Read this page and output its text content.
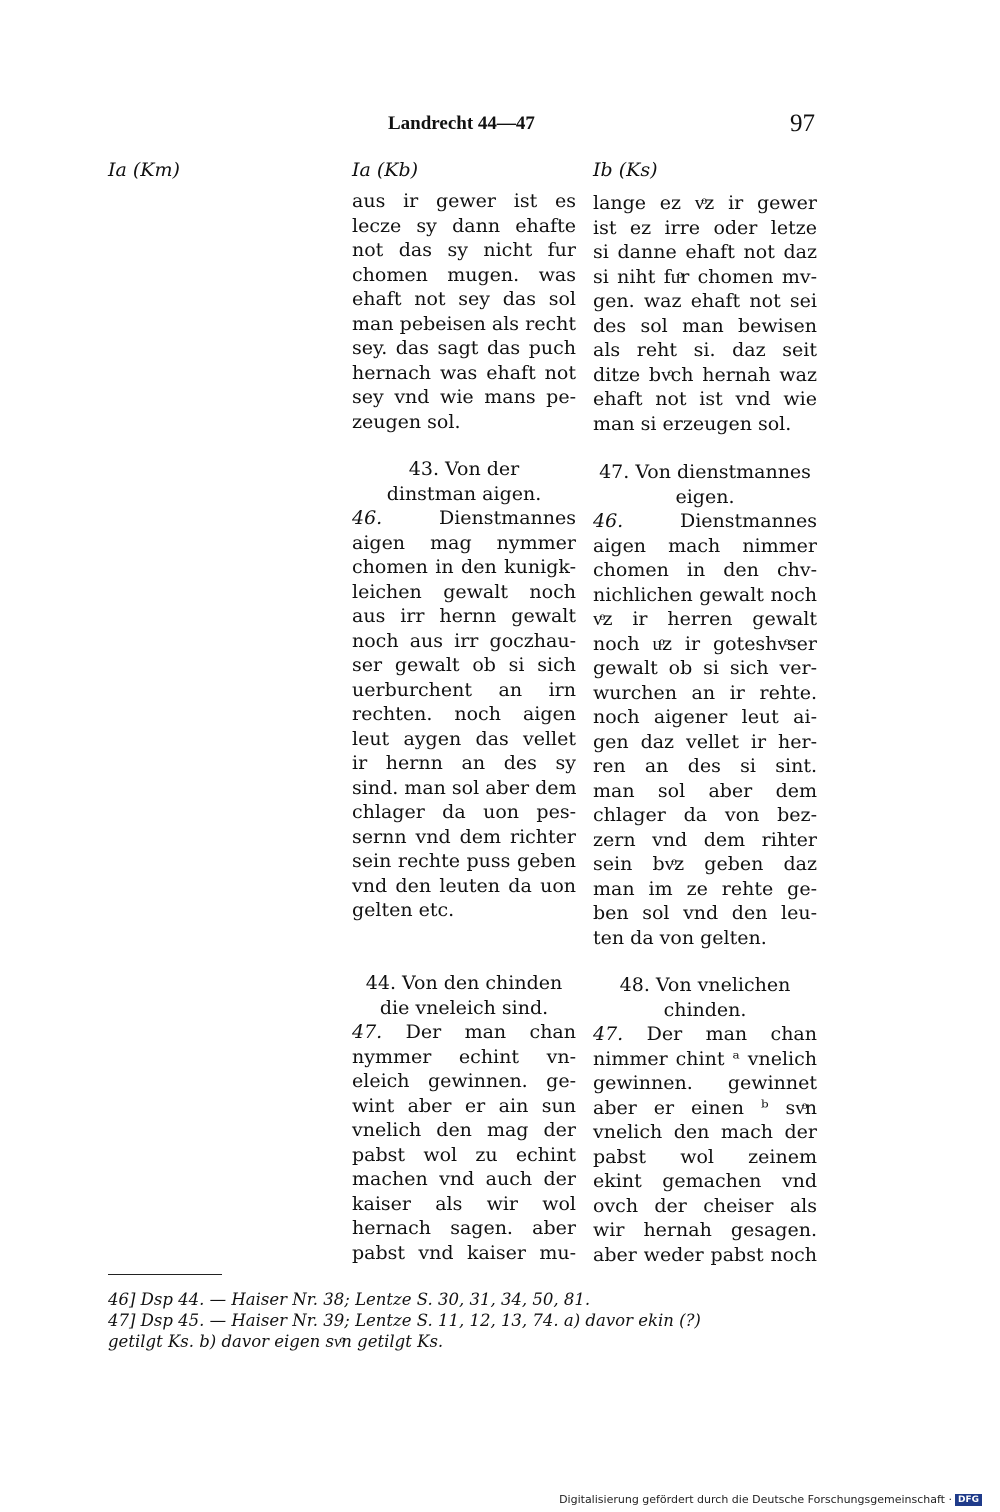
Landrecht 44—47	97
Ia (Km)	Ia (Kb)	Ib (Ks)
aus ir gewer ist es
lecze sy dann ehafte
not das sy nicht fur
chomen mugen. was
ehaft not sey das sol
man pebeisen als recht
sey. das sagt das puch
hernach was ehaft not
sey vnd wie mans pe-
zeugen sol.
43. Von der
dinstman aigen.
46.	Dienstmannes
aigen mag nymmer
chomen in den kunigk-
leichen gewalt noch
aus irr hernn gewalt
noch aus irr goczhau-
ser gewalt ob si sich
uerburchent an irn
rechten. noch aigen
leut aygen das vellet
ir hernn an des sy
sind. man sol aber dem
chlager da uon pes-
sernn vnd dem richter
sein rechte puss geben
vnd den leuten da uon
gelten etc.
44. Von den chinden
die vneleich sind.
47. Der man chan
nymmer echint vn-
eleich gewinnen. ge-
wint aber er ain sun
vnelich den mag der
pabst wol zu echint
machen vnd auch der
kaiser als wir wol
hernach sagen. aber
pabst vnd kaiser mu-
lange ez vͦz ir gewer
ist ez irre oder letze
si danne ehaft not daz
si niht fuͦr chomen mv-
gen. waz ehaft not sei
des sol man bewisen
als reht si. daz seit
ditze bvͦch hernah waz
ehaft not ist vnd wie
man si erzeugen sol.
47. Von dienstmannes
eigen.
46.	Dienstmannes
aigen mach nimmer
chomen in den chv-
nichlichen gewalt noch
vͦz ir herren gewalt
noch uͦz ir goteshvͦser
gewalt ob si sich ver-
wurchen an ir rehte.
noch aigener leut ai-
gen daz vellet ir her-
ren an des si sint.
man sol aber dem
chlager da von bez-
zern vnd dem rihter
sein bvͦz geben daz
man im ze rehte ge-
ben sol vnd den leu-
ten da von gelten.
48. Von vnelichen
chinden.
47. Der man chan
nimmer chint ᵃ vnelich
gewinnen. gewinnet
aber er einen ᵇ svͦn
vnelich den mach der
pabst wol zeinem
ekint gemachen vnd
ovch der cheiser als
wir hernah gesagen.
aber weder pabst noch
46] Dsp 44. — Haiser Nr. 38; Lentze S. 30, 31, 34, 50, 81.
47] Dsp 45. — Haiser Nr. 39; Lentze S. 11, 12, 13, 74. a) davor ekin (?)
getilgt Ks. b) davor eigen svͦn getilgt Ks.
Digitalisierung gefördert durch die Deutsche Forschungsgemeinschaft · DFG
